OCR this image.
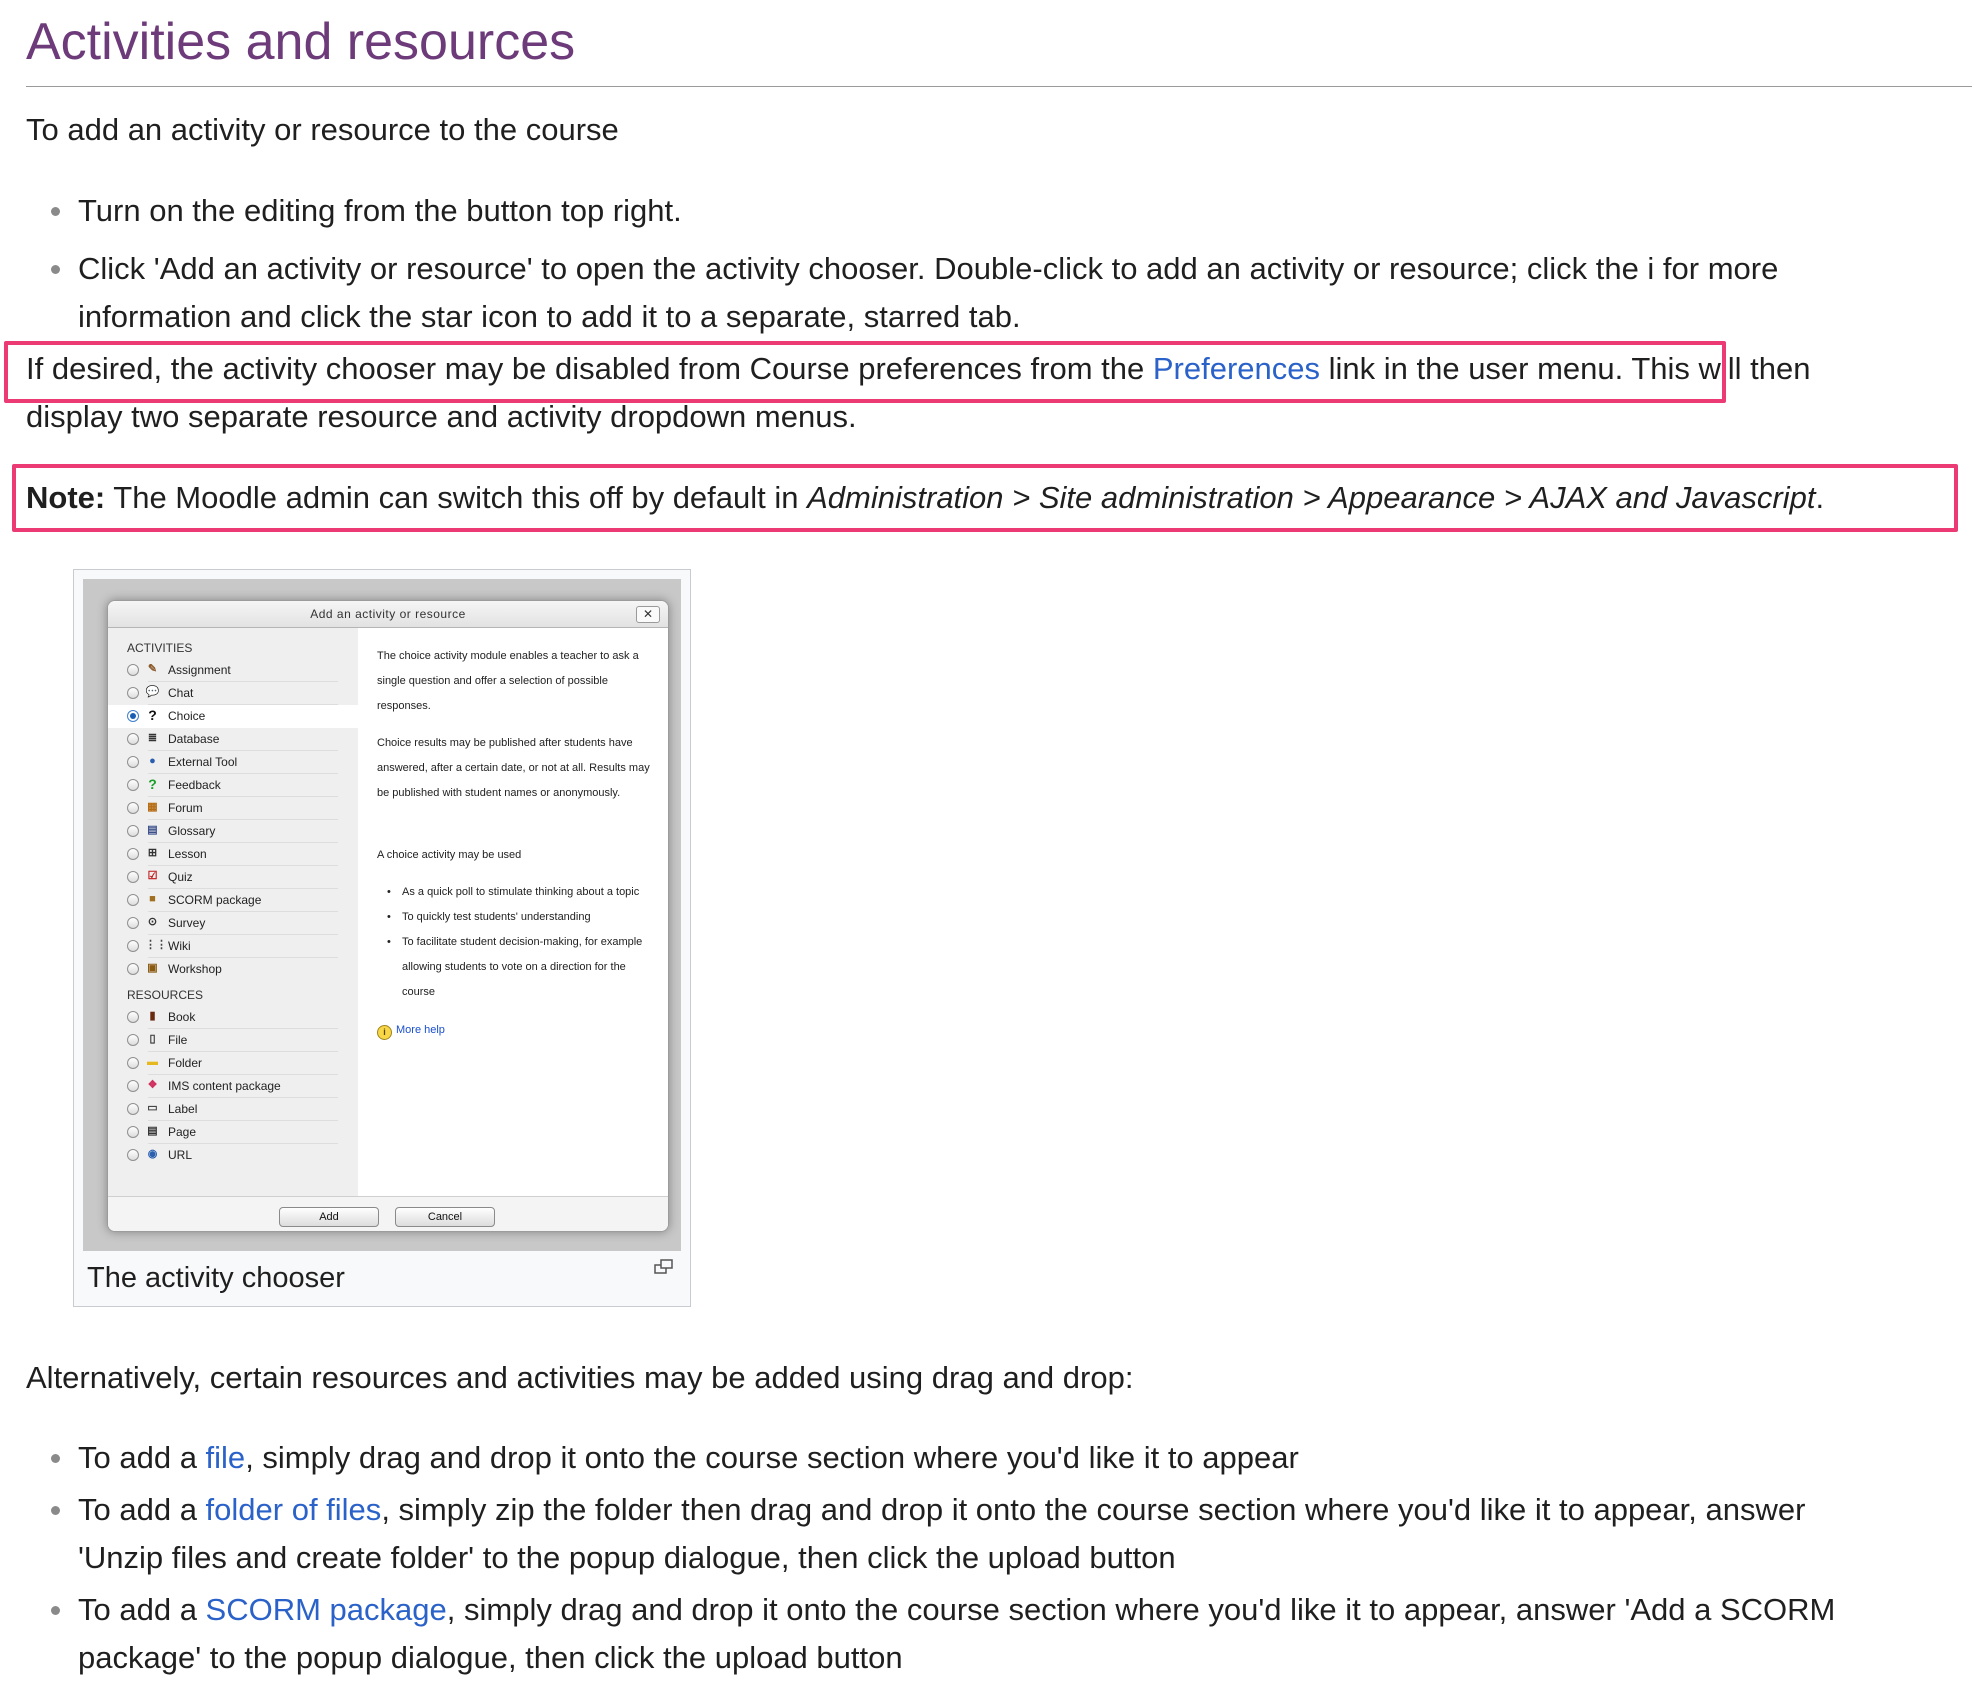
Activities and resources

To add an activity or resource to the course

Turn on the editing from the button top right.
Click 'Add an activity or resource' to open the activity chooser. Double-click to add an activity or resource; click the i for more
information and click the star icon to add it to a separate, starred tab.

If desired, the activity chooser may be disabled from Course preferences from the Preferences link in the user menu. This will then
display two separate resource and activity dropdown menus.

Note: The Moodle admin can switch this off by default in Administration > Site administration > Appearance > AJAX and Javascript.

Add an activity or resource	✕
ACTIVITIES
✎ Assignment
💬 Chat
? Choice
≣ Database
●	External Tool
? Feedback
▦ Forum
▤ Glossary
⊞ Lesson
☑ Quiz
■	SCORM package
⊙ Survey
⋮⋮ Wiki
▣ Workshop
RESOURCES
▮	Book
▯	File
▬ Folder
❖ IMS content package
▭ Label
▤ Page
◉ URL

The choice activity module enables a teacher to ask a single question and offer a selection of possible responses.

Choice results may be published after students have answered, after a certain date, or not at all. Results may be published with student names or anonymously.

A choice activity may be used

• As a quick poll to stimulate thinking about a topic
• To quickly test students' understanding
• To facilitate student decision-making, for example allowing students to vote on a direction for the course
i More help
Add	Cancel
The activity chooser

Alternatively, certain resources and activities may be added using drag and drop:

To add a file, simply drag and drop it onto the course section where you'd like it to appear
To add a folder of files, simply zip the folder then drag and drop it onto the course section where you'd like it to appear, answer
'Unzip files and create folder' to the popup dialogue, then click the upload button
To add a SCORM package, simply drag and drop it onto the course section where you'd like it to appear, answer 'Add a SCORM
package' to the popup dialogue, then click the upload button
